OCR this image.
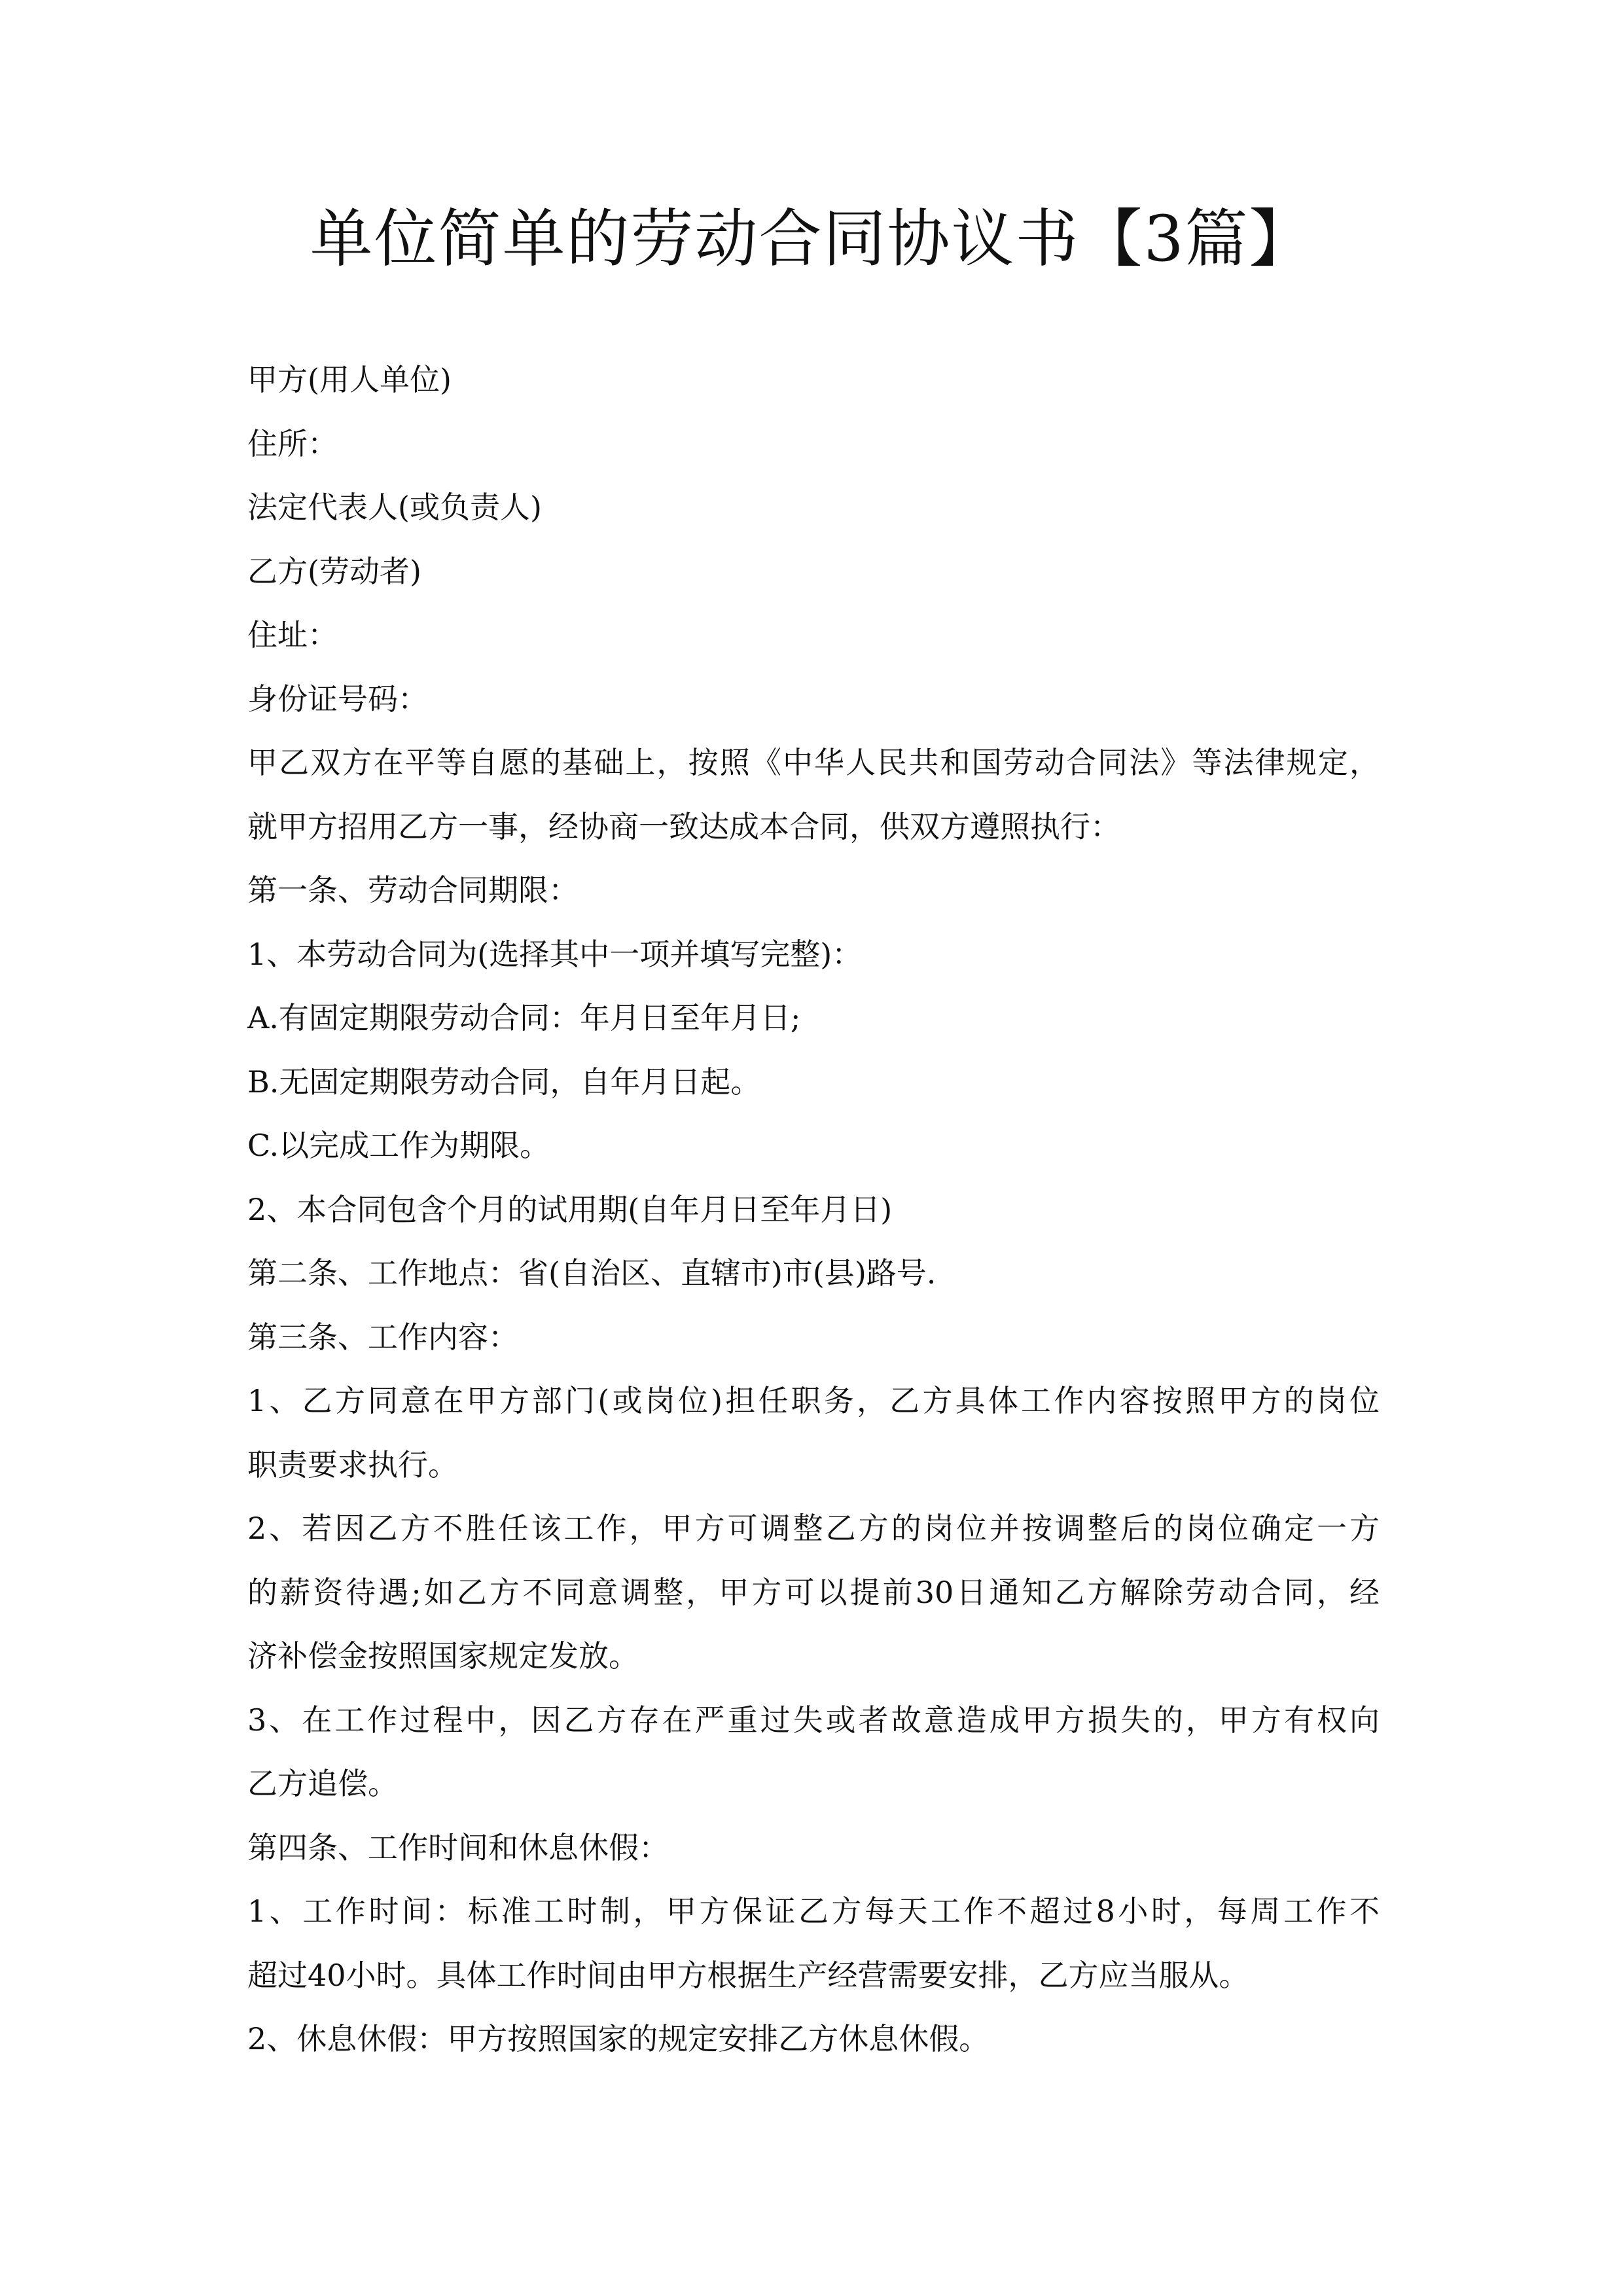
单位简单的劳动合同协议书【3篇】

甲方(用人单位)

住所：

法定代表人(或负责人)

乙方(劳动者)

住址：

身份证号码：

甲乙双方在平等自愿的基础上，按照《中华人民共和国劳动合同法》等法律规定，

就甲方招用乙方一事，经协商一致达成本合同，供双方遵照执行：

第一条、劳动合同期限：

1、本劳动合同为(选择其中一项并填写完整)：

A.有固定期限劳动合同：年月日至年月日;

B.无固定期限劳动合同，自年月日起。

C.以完成工作为期限。

2、本合同包含个月的试用期(自年月日至年月日)

第二条、工作地点：省(自治区、直辖市)市(县)路号.

第三条、工作内容：

1、乙方同意在甲方部门(或岗位)担任职务，乙方具体工作内容按照甲方的岗位

职责要求执行。

2、若因乙方不胜任该工作，甲方可调整乙方的岗位并按调整后的岗位确定一方

的薪资待遇;如乙方不同意调整，甲方可以提前30日通知乙方解除劳动合同，经

济补偿金按照国家规定发放。

3、在工作过程中，因乙方存在严重过失或者故意造成甲方损失的，甲方有权向

乙方追偿。

第四条、工作时间和休息休假：

1、工作时间：标准工时制，甲方保证乙方每天工作不超过8小时，每周工作不

超过40小时。具体工作时间由甲方根据生产经营需要安排，乙方应当服从。

2、休息休假：甲方按照国家的规定安排乙方休息休假。
